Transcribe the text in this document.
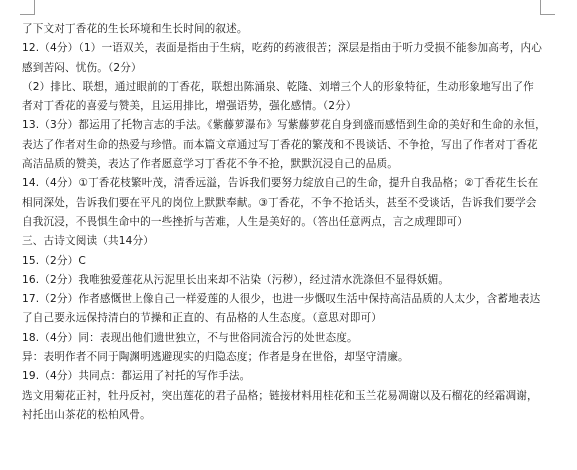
了下文对丁香花的生长环境和生长时间的叙述。

12.（4分）（1）一语双关，表面是指由于生病，吃药的药液很苦；深层是指由于听力受损不能参加高考，内心

感到苦闷、忧伤。（2分）

（2）排比、联想，通过眼前的丁香花，联想出陈涌泉、乾隆、刘增三个人的形象特征，生动形象地写出了作

者对丁香花的喜爱与赞美，且运用排比，增强语势，强化感情。（2分）

13.（3分）都运用了托物言志的手法。《紫藤萝瀑布》写紫藤萝花自身到盛而感悟到生命的美好和生命的永恒，

表达了作者对生命的热爱与珍惜。而本篇文章通过写丁香花的繁茂和不畏谈话、不争抢，写出了作者对丁香花

高洁品质的赞美，表达了作者愿意学习丁香花不争不抢，默默沉浸自己的品质。

14.（4分）①丁香花枝繁叶茂，清香远溢，告诉我们要努力绽放自己的生命，提升自我品格；②丁香花生长在

相同深处，告诉我们要在平凡的岗位上默默奉献。③丁香花，不争不抢话头，甚至不受谈话，告诉我们要学会

自我沉浸，不畏惧生命中的一些挫折与苦难，人生是美好的。（答出任意两点，言之成理即可）

三、古诗文阅读（共14分）

15.（2分）C

16.（2分）我唯独爱莲花从污泥里长出来却不沾染（污秽），经过清水洗涤但不显得妖媚。

17.（2分）作者感慨世上像自己一样爱莲的人很少，也进一步慨叹生活中保持高洁品质的人太少，含蓄地表达

了自己要永远保持清白的节操和正直的、有品格的人生态度。（意思对即可）

18.（4分）同：表现出他们遗世独立，不与世俗同流合污的处世态度。

异：表明作者不同于陶渊明逃避现实的归隐态度；作者是身在世俗，却坚守清廉。

19.（4分）共同点：都运用了衬托的写作手法。

选文用菊花正衬，牡丹反衬，突出莲花的君子品格；链接材料用桂花和玉兰花易凋谢以及石榴花的经霜凋谢，

衬托出山茶花的松柏风骨。
